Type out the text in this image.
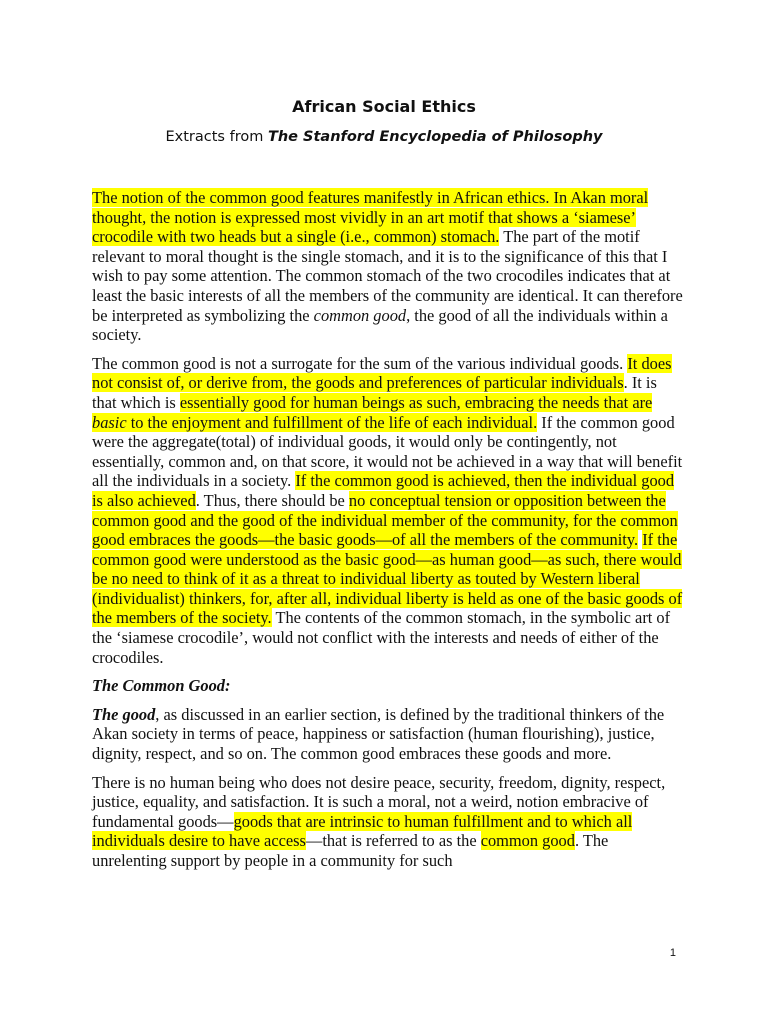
African Social Ethics
Extracts from The Stanford Encyclopedia of Philosophy

The notion of the common good features manifestly in African ethics. In Akan moral thought, the notion is expressed most vividly in an art motif that shows a ‘siamese’ crocodile with two heads but a single (i.e., common) stomach. The part of the motif relevant to moral thought is the single stomach, and it is to the significance of this that I wish to pay some attention. The common stomach of the two crocodiles indicates that at least the basic interests of all the members of the community are identical. It can therefore be interpreted as symbolizing the common good, the good of all the individuals within a society.

The common good is not a surrogate for the sum of the various individual goods. It does not consist of, or derive from, the goods and preferences of particular individuals. It is that which is essentially good for human beings as such, embracing the needs that are basic to the enjoyment and fulfillment of the life of each individual. If the common good were the aggregate(total) of individual goods, it would only be contingently, not essentially, common and, on that score, it would not be achieved in a way that will benefit all the individuals in a society. If the common good is achieved, then the individual good is also achieved. Thus, there should be no conceptual tension or opposition between the common good and the good of the individual member of the community, for the common good embraces the goods—the basic goods—of all the members of the community. If the common good were understood as the basic good—as human good—as such, there would be no need to think of it as a threat to individual liberty as touted by Western liberal (individualist) thinkers, for, after all, individual liberty is held as one of the basic goods of the members of the society. The contents of the common stomach, in the symbolic art of the ‘siamese crocodile’, would not conflict with the interests and needs of either of the crocodiles.

The Common Good:

The good, as discussed in an earlier section, is defined by the traditional thinkers of the Akan society in terms of peace, happiness or satisfaction (human flourishing), justice, dignity, respect, and so on. The common good embraces these goods and more.

There is no human being who does not desire peace, security, freedom, dignity, respect, justice, equality, and satisfaction. It is such a moral, not a weird, notion embracive of fundamental goods—goods that are intrinsic to human fulfillment and to which all individuals desire to have access—that is referred to as the common good. The unrelenting support by people in a community for such

1
